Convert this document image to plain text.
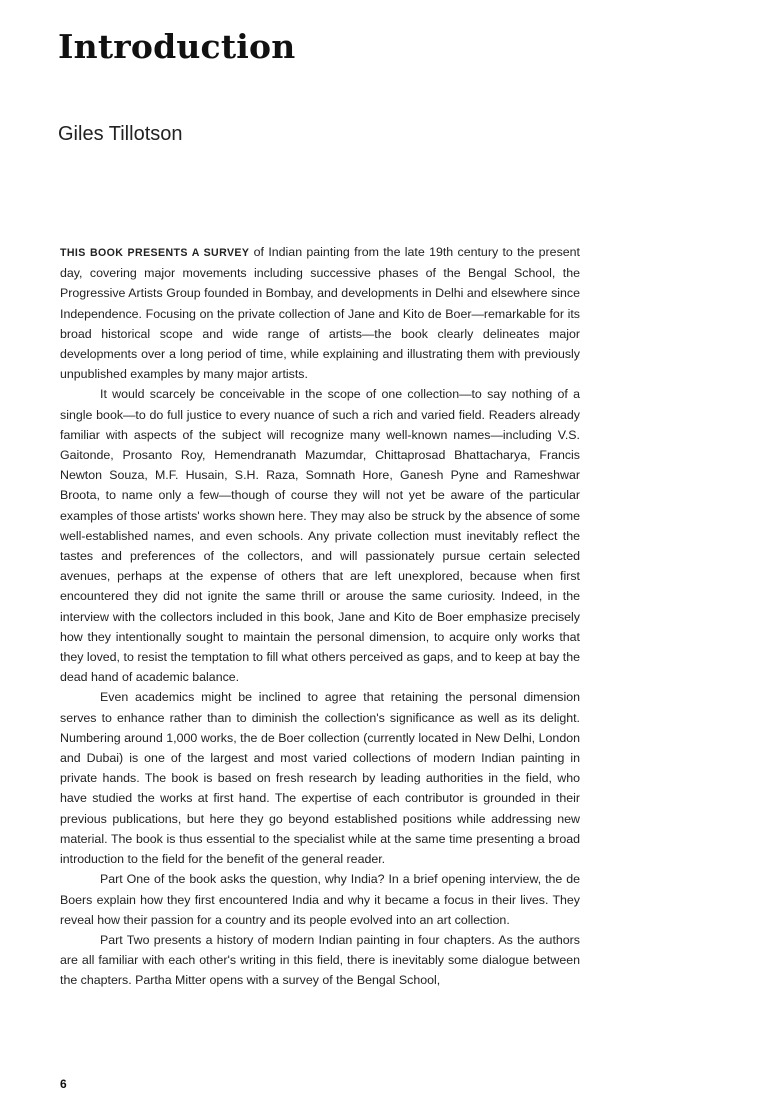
Introduction
Giles Tillotson

THIS BOOK PRESENTS A SURVEY of Indian painting from the late 19th century to the present day, covering major movements including successive phases of the Bengal School, the Progressive Artists Group founded in Bombay, and developments in Delhi and elsewhere since Independence. Focusing on the private collection of Jane and Kito de Boer—remarkable for its broad historical scope and wide range of artists—the book clearly delineates major developments over a long period of time, while explaining and illustrating them with previously unpublished examples by many major artists.

It would scarcely be conceivable in the scope of one collection—to say nothing of a single book—to do full justice to every nuance of such a rich and varied field. Readers already familiar with aspects of the subject will recognize many well-known names—including V.S. Gaitonde, Prosanto Roy, Hemendranath Mazumdar, Chittaprosad Bhattacharya, Francis Newton Souza, M.F. Husain, S.H. Raza, Somnath Hore, Ganesh Pyne and Rameshwar Broota, to name only a few—though of course they will not yet be aware of the particular examples of those artists' works shown here. They may also be struck by the absence of some well-established names, and even schools. Any private collection must inevitably reflect the tastes and preferences of the collectors, and will passionately pursue certain selected avenues, perhaps at the expense of others that are left unexplored, because when first encountered they did not ignite the same thrill or arouse the same curiosity. Indeed, in the interview with the collectors included in this book, Jane and Kito de Boer emphasize precisely how they intentionally sought to maintain the personal dimension, to acquire only works that they loved, to resist the temptation to fill what others perceived as gaps, and to keep at bay the dead hand of academic balance.

Even academics might be inclined to agree that retaining the personal dimension serves to enhance rather than to diminish the collection's significance as well as its delight. Numbering around 1,000 works, the de Boer collection (currently located in New Delhi, London and Dubai) is one of the largest and most varied collections of modern Indian painting in private hands. The book is based on fresh research by leading authorities in the field, who have studied the works at first hand. The expertise of each contributor is grounded in their previous publications, but here they go beyond established positions while addressing new material. The book is thus essential to the specialist while at the same time presenting a broad introduction to the field for the benefit of the general reader.

Part One of the book asks the question, why India? In a brief opening interview, the de Boers explain how they first encountered India and why it became a focus in their lives. They reveal how their passion for a country and its people evolved into an art collection.

Part Two presents a history of modern Indian painting in four chapters. As the authors are all familiar with each other's writing in this field, there is inevitably some dialogue between the chapters. Partha Mitter opens with a survey of the Bengal School,

6
